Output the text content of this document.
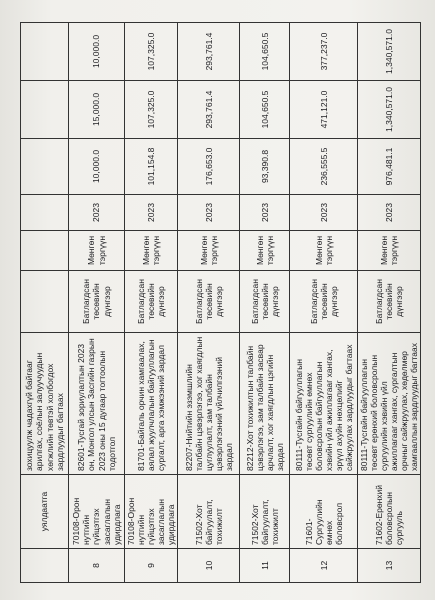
	уялдаатга	зохицуулж чадахгүй байгааг арилгах, соёлын залуучуудын хөгжлийн төвтэй холбогдох зардлуудыг багтаах						
8	70108-Орон нутгийн гүйцэтгэх засаглалын удирдлага	82601-Тусгай зориулалтын 2023 он, Монгол улсын Засгийн газрын 2023 оны 15 дугаар тогтоолын тодотгол	Батлагдсан төсөвийн дүнгээр	Мөнгөн тэргүүн	2023	10,000.0	15,000.0	10,000.0
9	70108-Орон нутгийн гүйцэтгэх засаглалын удирдлага	81701-Байгаль орчин хамгаалах, аялал жуулчлалын байгууллагын сургалт, арга хэмжээний зардал	Батлагдсан төсөвийн дүнгээр	Мөнгөн тэргүүн	2023	101,154.8	107,325.0	107,325.0
10	71502-Хот байгуулалт, тохижилт	82207-Нийтийн эзэмшлийн талбайн цэвэрлэгээ, хог хаягдлын цуглуулалт, зам талбайн цэвэрлэгээний үйлчилгээний зардал	Батлагдсан төсөвийн дүнгээр	Мөнгөн тэргүүн	2023	176,653.0	293,761.4	293,761.4
11	71502-Хот байгуулалт, тохижилт	82212-Хот тохижилтын талбайн цэвэрлэгээ, зам талбайн засвар арчлалт, хог хаягдлын цэгийн зардал	Батлагдсан төсөвийн дүнгээр	Мөнгөн тэргүүн	2023	93,390.8	104,650.5	104,650.5
12	71601-Сургуулийн өмнөх боловсрол	80111-Тусгайн байгууллагын төсөвт сургуулийн өмнөх боловсролын байгууллагын хэвийн үйл ажиллагааг хангах, эрүүл ахуйн нөхцөлийг сайжруулах зардлуудыг багтаах	Батлагдсан төсөвийн дүнгээр	Мөнгөн тэргүүн	2023	236,555.5	471,121.0	377,237.0
13	71602-Ерөнхий боловсролын сургууль	80111-Тусгайн байгууллагын төсөвт ерөнхий боловсролын сургуулийн хэвийн үйл ажиллагааг хангах, сургалтын орчныг сайжруулах, хөдөлмөр хамгааллын зардлуудыг багтаах	Батлагдсан төсөвийн дүнгээр	Мөнгөн тэргүүн	2023	976,481.1	1,340,571.0	1,340,571.0
